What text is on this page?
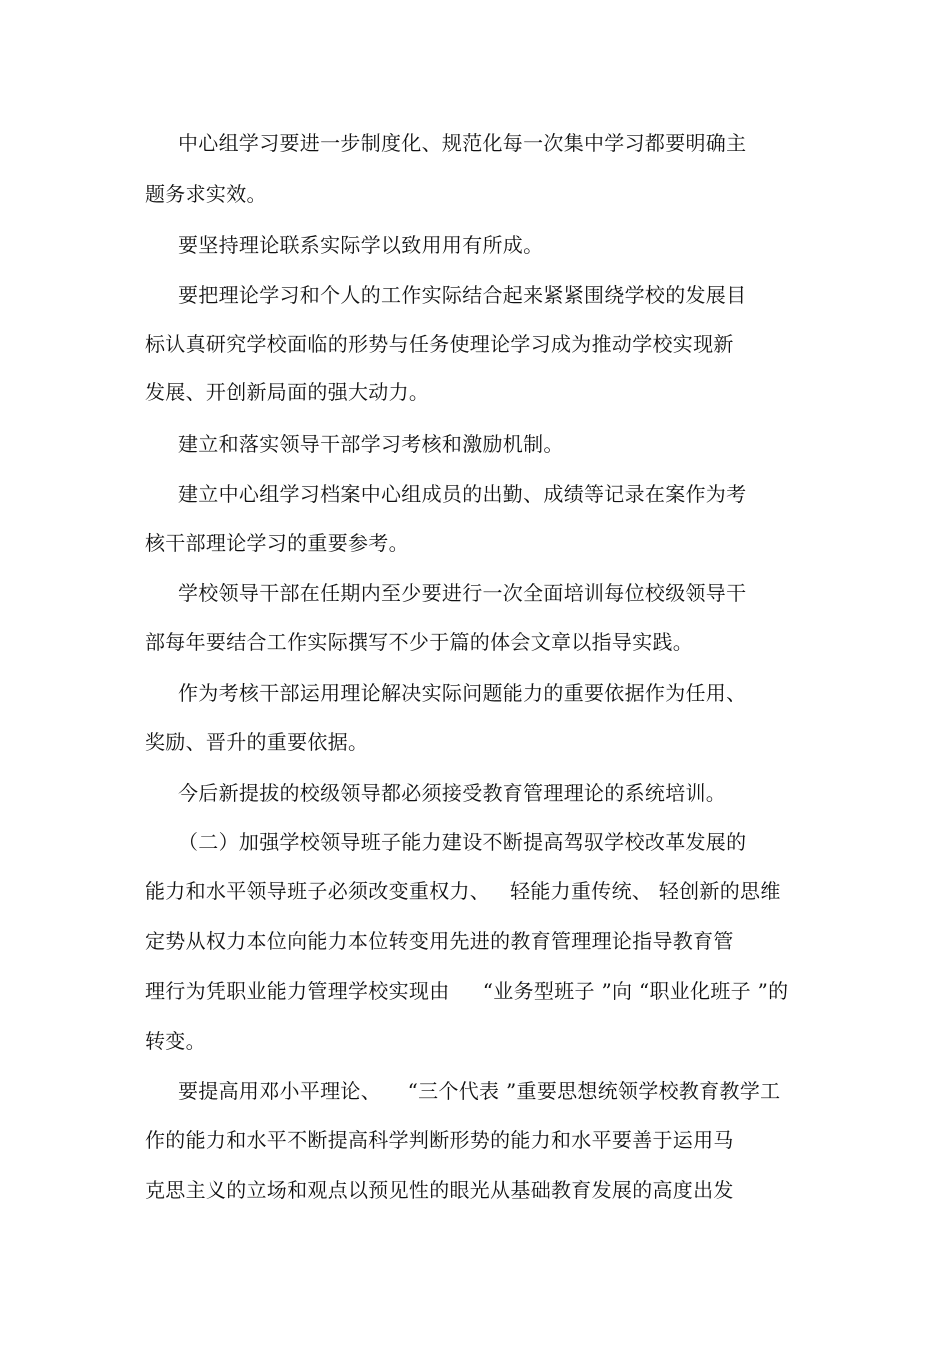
中心组学习要进一步制度化、规范化每一次集中学习都要明确主
题务求实效。
要坚持理论联系实际学以致用用有所成。
要把理论学习和个人的工作实际结合起来紧紧围绕学校的发展目
标认真研究学校面临的形势与任务使理论学习成为推动学校实现新
发展、开创新局面的强大动力。
建立和落实领导干部学习考核和激励机制。
建立中心组学习档案中心组成员的出勤、成绩等记录在案作为考
核干部理论学习的重要参考。
学校领导干部在任期内至少要进行一次全面培训每位校级领导干
部每年要结合工作实际撰写不少于篇的体会文章以指导实践。
作为考核干部运用理论解决实际问题能力的重要依据作为任用、
奖励、晋升的重要依据。
今后新提拔的校级领导都必须接受教育管理理论的系统培训。
（二）加强学校领导班子能力建设不断提高驾驭学校改革发展的
能力和水平领导班子必须改变重权力、   轻能力重传统、 轻创新的思维
定势从权力本位向能力本位转变用先进的教育管理理论指导教育管
理行为凭职业能力管理学校实现由     “业务型班子 ”向 “职业化班子 ”的
转变。
要提高用邓小平理论、    “三个代表 ”重要思想统领学校教育教学工
作的能力和水平不断提高科学判断形势的能力和水平要善于运用马
克思主义的立场和观点以预见性的眼光从基础教育发展的高度出发
